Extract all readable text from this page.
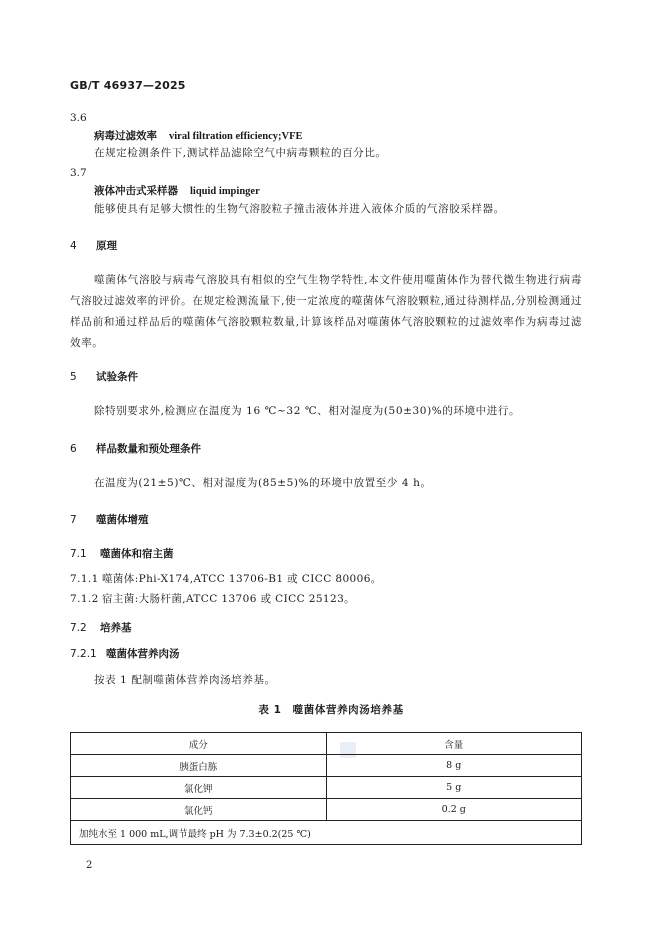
GB/T 46937—2025
3.6
病毒过滤效率 viral filtration efficiency;VFE
在规定检测条件下,测试样品滤除空气中病毒颗粒的百分比。
3.7
液体冲击式采样器 liquid impinger
能够使具有足够大惯性的生物气溶胶粒子撞击液体并进入液体介质的气溶胶采样器。
4 原理
噬菌体气溶胶与病毒气溶胶具有相似的空气生物学特性,本文件使用噬菌体作为替代微生物进行病毒气溶胶过滤效率的评价。在规定检测流量下,使一定浓度的噬菌体气溶胶颗粒,通过待测样品,分别检测通过样品前和通过样品后的噬菌体气溶胶颗粒数量,计算该样品对噬菌体气溶胶颗粒的过滤效率作为病毒过滤效率。
5 试验条件
除特别要求外,检测应在温度为 16 ℃~32 ℃、相对湿度为(50±30)%的环境中进行。
6 样品数量和预处理条件
在温度为(21±5)℃、相对湿度为(85±5)%的环境中放置至少 4 h。
7 噬菌体增殖
7.1 噬菌体和宿主菌
7.1.1 噬菌体:Phi-X174,ATCC 13706-B1 或 CICC 80006。
7.1.2 宿主菌:大肠杆菌,ATCC 13706 或 CICC 25123。
7.2 培养基
7.2.1 噬菌体营养肉汤
按表 1 配制噬菌体营养肉汤培养基。
表 1　噬菌体营养肉汤培养基
成分	含量
胰蛋白胨	8 g
氯化钾	5 g
氯化钙	0.2 g
加纯水至 1 000 mL,调节最终 pH 为 7.3±0.2(25 ℃)	
2
